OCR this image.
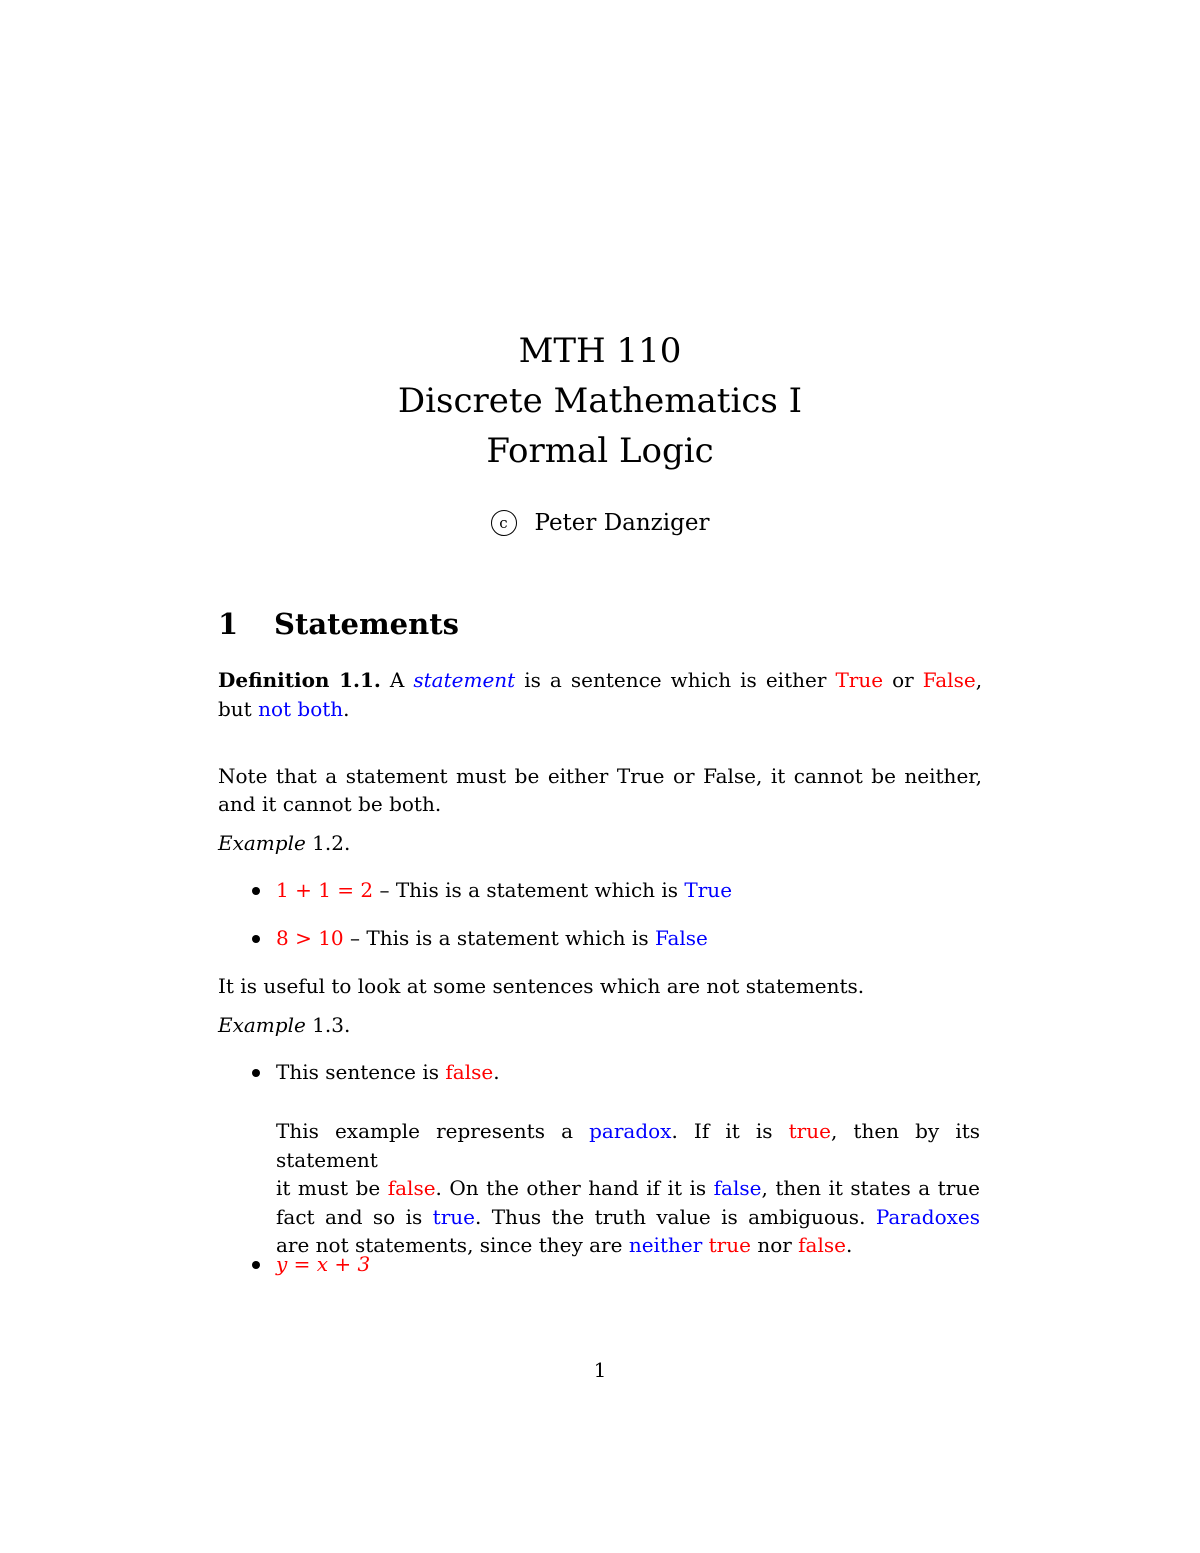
MTH 110
Discrete Mathematics I
Formal Logic
c Peter Danziger
1 Statements
Definition 1.1. A statement is a sentence which is either True or False, but not both.
Note that a statement must be either True or False, it cannot be neither,
and it cannot be both.
Example 1.2.
1 + 1 = 2 – This is a statement which is True
8 > 10 – This is a statement which is False
It is useful to look at some sentences which are not statements.
Example 1.3.
This sentence is false.
This example represents a paradox. If it is true, then by its statement
it must be false. On the other hand if it is false, then it states a true
fact and so is true. Thus the truth value is ambiguous. Paradoxes
are not statements, since they are neither true nor false.
y = x + 3
1
